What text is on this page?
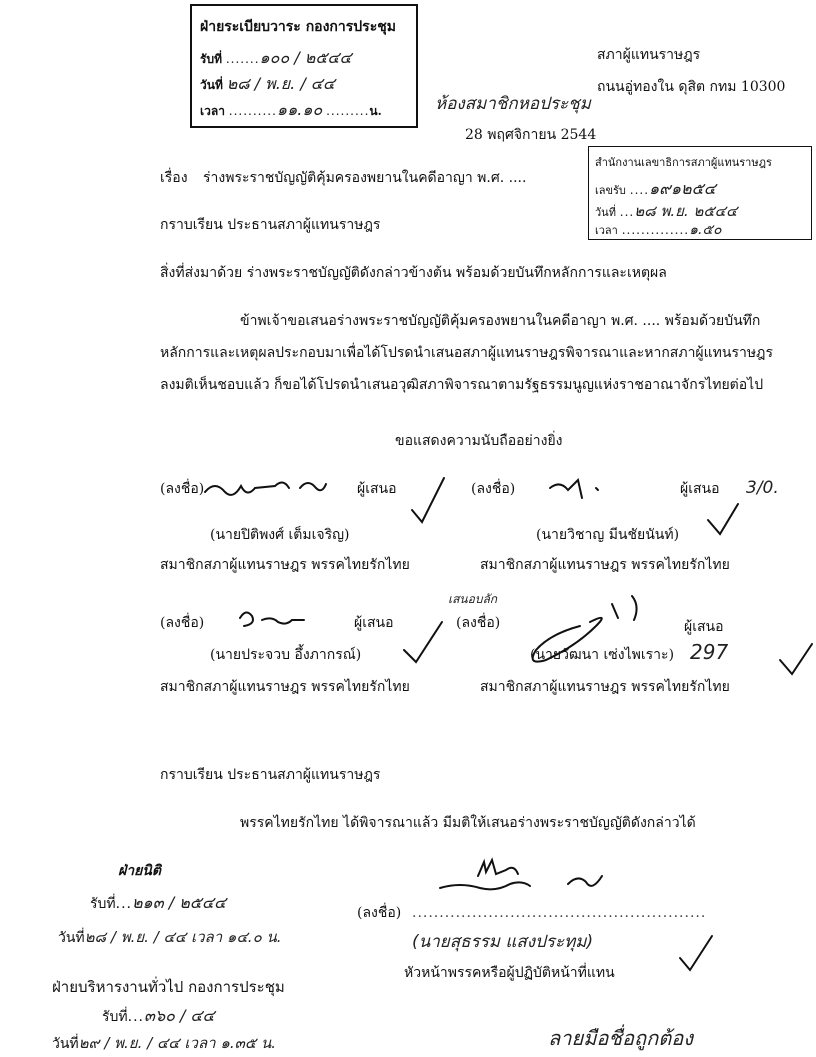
ฝ่ายระเบียบวาระ กองการประชุม
รับที่ .......๑๐๐ / ๒๕๔๔
วันที่ ๒๘ / พ.ย. / ๔๔
เวลา ..........๑๑.๑๐ .........น.
สภาผู้แทนราษฎร
ถนนอู่ทองใน ดุสิต กทม 10300
ห้องสมาชิกหอประชุม
28 พฤศจิกายน 2544
สำนักงานเลขาธิการสภาผู้แทนราษฎร
เลขรับ ....๑๙๑๒๕๔
วันที่ ...๒๘ พ.ย. ๒๕๔๔
เวลา ..............๑.๕๐
เรื่อง ร่างพระราชบัญญัติคุ้มครองพยานในคดีอาญา พ.ศ. ....
กราบเรียน ประธานสภาผู้แทนราษฎร
สิ่งที่ส่งมาด้วย ร่างพระราชบัญญัติดังกล่าวข้างต้น พร้อมด้วยบันทึกหลักการและเหตุผล
ข้าพเจ้าขอเสนอร่างพระราชบัญญัติคุ้มครองพยานในคดีอาญา พ.ศ. .... พร้อมด้วยบันทึก
หลักการและเหตุผลประกอบมาเพื่อได้โปรดนำเสนอสภาผู้แทนราษฎรพิจารณาและหากสภาผู้แทนราษฎร
ลงมติเห็นชอบแล้ว ก็ขอได้โปรดนำเสนอวุฒิสภาพิจารณาตามรัฐธรรมนูญแห่งราชอาณาจักรไทยต่อไป
ขอแสดงความนับถืออย่างยิ่ง
(ลงชื่อ)	ผู้เสนอ
(นายปิติพงศ์ เต็มเจริญ)
สมาชิกสภาผู้แทนราษฎร พรรคไทยรักไทย
(ลงชื่อ)	ผู้เสนอ 3/0.
(นายวิชาญ มีนชัยนันท์)
สมาชิกสภาผู้แทนราษฎร พรรคไทยรักไทย
(ลงชื่อ)	ผู้เสนอ
(นายประจวบ อึ้งภากรณ์)
สมาชิกสภาผู้แทนราษฎร พรรคไทยรักไทย
เสนอบลัก
(ลงชื่อ)	ผู้เสนอ
297
(นายวัฒนา เซ่งไพเราะ)
สมาชิกสภาผู้แทนราษฎร พรรคไทยรักไทย
กราบเรียน ประธานสภาผู้แทนราษฎร
พรรคไทยรักไทย ได้พิจารณาแล้ว มีมติให้เสนอร่างพระราชบัญญัติดังกล่าวได้
ฝ่ายนิติ
รับที่...๒๑๓ / ๒๕๔๔
วันที่๒๘ / พ.ย. / ๔๔ เวลา ๑๔.๐ น.
ฝ่ายบริหารงานทั่วไป กองการประชุม
รับที่...๓๖๐ / ๔๔
วันที่๒๙ / พ.ย. / ๔๔ เวลา ๑.๓๕ น.
(ลงชื่อ) ......................................................
(นายสุธรรม แสงประทุม)
หัวหน้าพรรคหรือผู้ปฏิบัติหน้าที่แทน
ลายมือชื่อถูกต้อง
